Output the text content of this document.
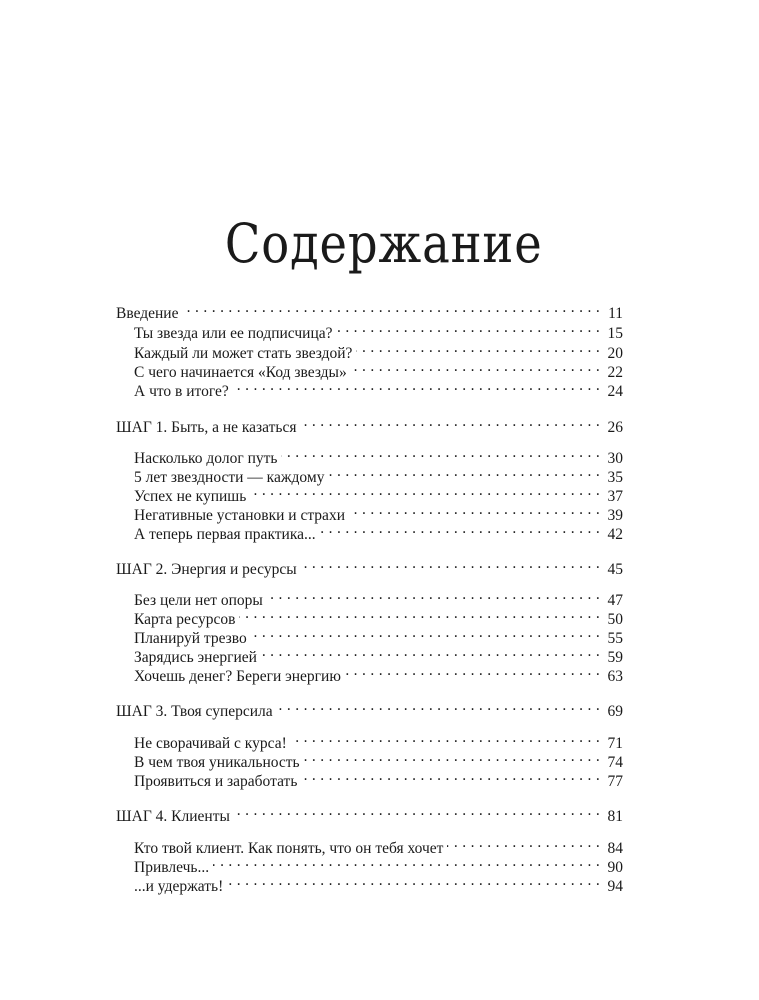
Содержание
Введение . . .	11
Ты звезда или ее подписчица? . . .	15
Каждый ли может стать звездой? . . .	20
С чего начинается «Код звезды» . . .	22
А что в итоге? . . .	24
ШАГ 1. Быть, а не казаться . . .	26
Насколько долог путь . . .	30
5 лет звездности — каждому . . .	35
Успех не купишь . . .	37
Негативные установки и страхи . . .	39
А теперь первая практика... . . .	42
ШАГ 2. Энергия и ресурсы . . .	45
Без цели нет опоры . . .	47
Карта ресурсов . . .	50
Планируй трезво . . .	55
Зарядись энергией . . .	59
Хочешь денег? Береги энергию . . .	63
ШАГ 3. Твоя суперсила . . .	69
Не сворачивай с курса! . . .	71
В чем твоя уникальность . . .	74
Проявиться и заработать . . .	77
ШАГ 4. Клиенты . . .	81
Кто твой клиент. Как понять, что он тебя хочет . . .	84
Привлечь... . . .	90
...и удержать! . . .	94
